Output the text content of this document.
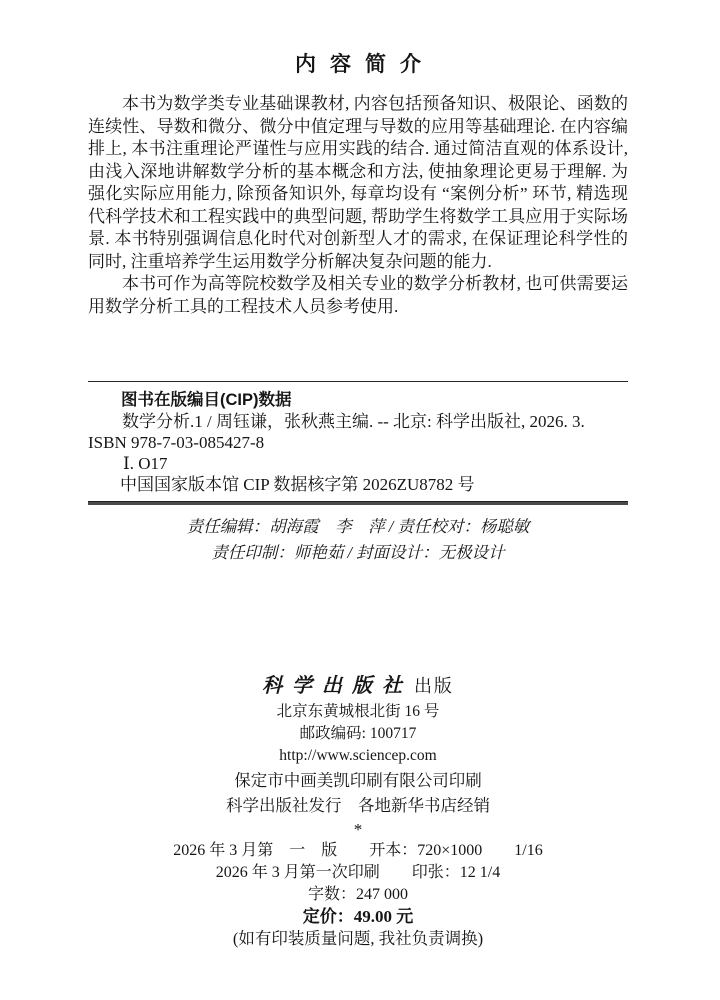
内容简介

本书为数学类专业基础课教材, 内容包括预备知识、极限论、函数的连续性、导数和微分、微分中值定理与导数的应用等基础理论. 在内容编排上, 本书注重理论严谨性与应用实践的结合. 通过简洁直观的体系设计, 由浅入深地讲解数学分析的基本概念和方法, 使抽象理论更易于理解. 为强化实际应用能力, 除预备知识外, 每章均设有 “案例分析” 环节, 精选现代科学技术和工程实践中的典型问题, 帮助学生将数学工具应用于实际场景. 本书特别强调信息化时代对创新型人才的需求, 在保证理论科学性的同时, 注重培养学生运用数学分析解决复杂问题的能力.

本书可作为高等院校数学及相关专业的数学分析教材, 也可供需要运用数学分析工具的工程技术人员参考使用.

图书在版编目(CIP)数据
数学分析.1 / 周钰谦，张秋燕主编. -- 北京: 科学出版社, 2026. 3.
ISBN 978-7-03-085427-8
Ⅰ. O17
中国国家版本馆 CIP 数据核字第 2026ZU8782 号
责任编辑：胡海霞　李　萍 / 责任校对：杨聪敏
责任印制：师艳茹 / 封面设计：无极设计
科学出版社 出版
北京东黄城根北街 16 号
邮政编码: 100717
http://www.sciencep.com
保定市中画美凯印刷有限公司印刷
科学出版社发行　各地新华书店经销
*
2026 年 3 月第　一　版　　开本：720×1000　　1/16
2026 年 3 月第一次印刷　　印张：12 1/4
字数：247 000
定价：49.00 元
(如有印装质量问题, 我社负责调换)
